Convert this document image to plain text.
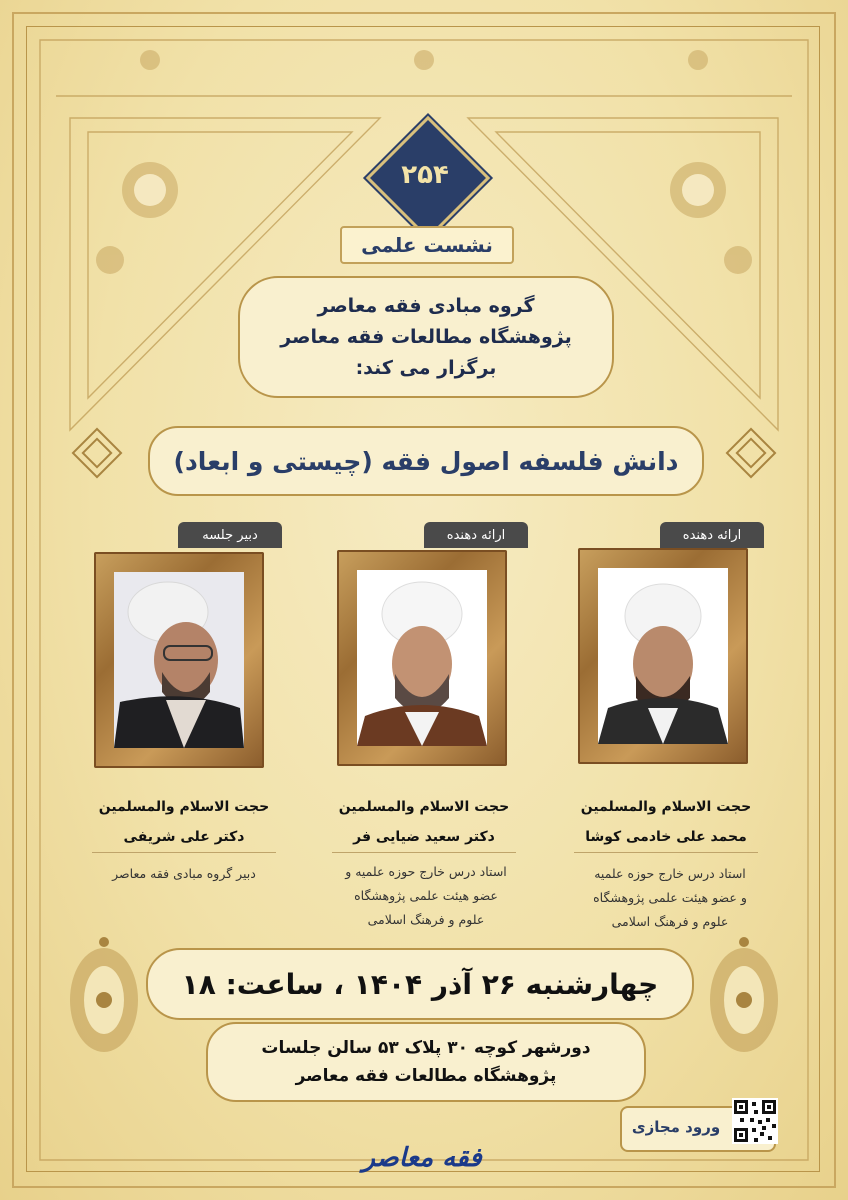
۲۵۴
نشست علمی
گروه مبادی فقه معاصر
پژوهشگاه مطالعات فقه معاصر
برگزار می کند:
دانش فلسفه اصول فقه (چیستی و ابعاد)
ارائه دهنده
حجت الاسلام والمسلمین
محمد علی خادمی کوشا
استاد درس خارج حوزه علمیه
و عضو هیئت علمی پژوهشگاه
علوم و فرهنگ اسلامی
ارائه دهنده
حجت الاسلام والمسلمین
دکتر سعید ضیایی فر
استاد درس خارج حوزه علمیه و
عضو هیئت علمی پژوهشگاه
علوم و فرهنگ اسلامی
دبیر جلسه
حجت الاسلام والمسلمین
دکتر علی شریفی
دبیر گروه مبادی فقه معاصر
چهارشنبه ۲۶ آذر ۱۴۰۴ ، ساعت: ۱۸
دورشهر کوچه ۳۰ پلاک ۵۳ سالن جلسات
پژوهشگاه مطالعات فقه معاصر
ورود مجازی
فقه معاصر
